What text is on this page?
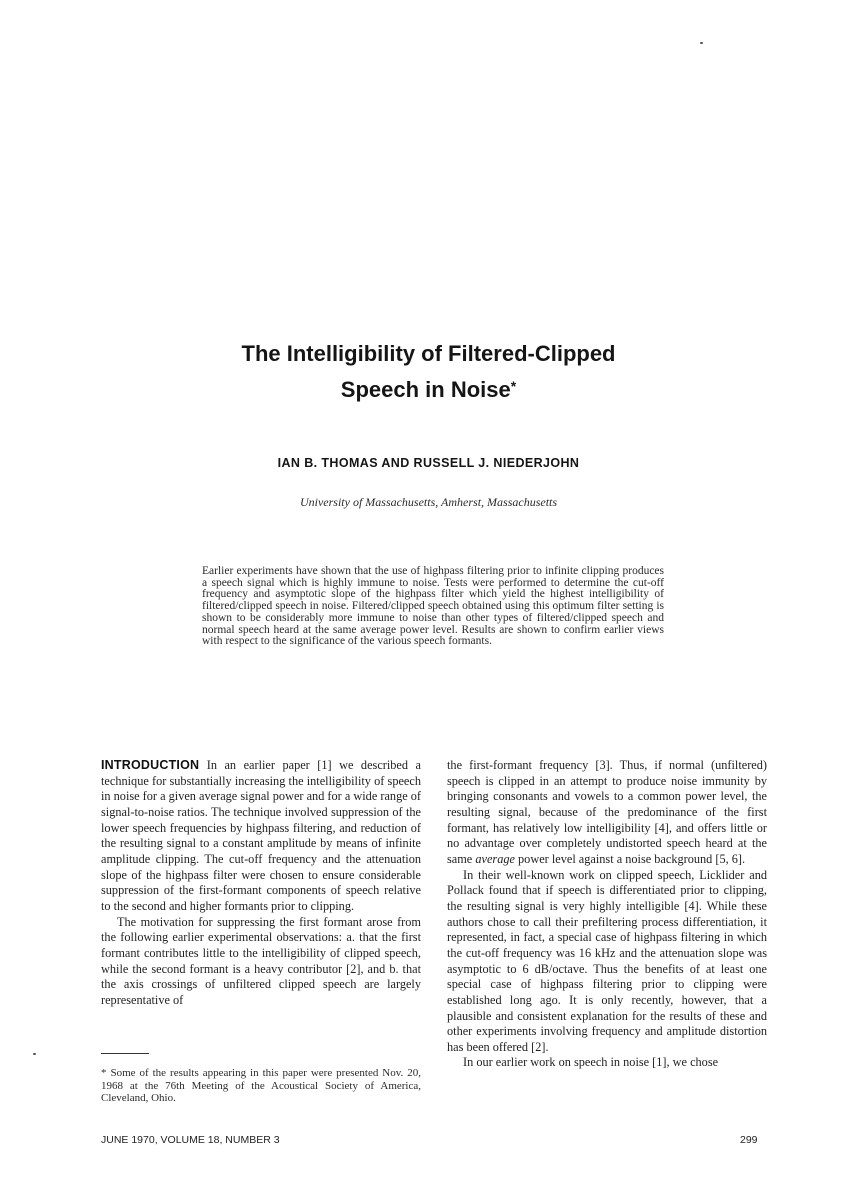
The Intelligibility of Filtered-Clipped
Speech in Noise*
IAN B. THOMAS AND RUSSELL J. NIEDERJOHN
University of Massachusetts, Amherst, Massachusetts
Earlier experiments have shown that the use of highpass filtering prior to infinite clipping produces a speech signal which is highly immune to noise. Tests were performed to determine the cut-off frequency and asymptotic slope of the highpass filter which yield the highest intelligibility of filtered/clipped speech in noise. Filtered/clipped speech obtained using this optimum filter setting is shown to be considerably more immune to noise than other types of filtered/clipped speech and normal speech heard at the same average power level. Results are shown to confirm earlier views with respect to the significance of the various speech formants.

INTRODUCTION In an earlier paper [1] we described a technique for substantially increasing the intelligibility of speech in noise for a given average signal power and for a wide range of signal-to-noise ratios. The technique involved suppression of the lower speech frequencies by highpass filtering, and reduction of the resulting signal to a constant amplitude by means of infinite amplitude clipping. The cut-off frequency and the attenuation slope of the highpass filter were chosen to ensure considerable suppression of the first-formant components of speech relative to the second and higher formants prior to clipping.

The motivation for suppressing the first formant arose from the following earlier experimental observations: a. that the first formant contributes little to the intelligibility of clipped speech, while the second formant is a heavy contributor [2], and b. that the axis crossings of unfiltered clipped speech are largely representative of

the first-formant frequency [3]. Thus, if normal (unfiltered) speech is clipped in an attempt to produce noise immunity by bringing consonants and vowels to a common power level, the resulting signal, because of the predominance of the first formant, has relatively low intelligibility [4], and offers little or no advantage over completely undistorted speech heard at the same average power level against a noise background [5, 6].

In their well-known work on clipped speech, Licklider and Pollack found that if speech is differentiated prior to clipping, the resulting signal is very highly intelligible [4]. While these authors chose to call their prefiltering process differentiation, it represented, in fact, a special case of highpass filtering in which the cut-off frequency was 16 kHz and the attenuation slope was asymptotic to 6 dB/octave. Thus the benefits of at least one special case of highpass filtering prior to clipping were established long ago. It is only recently, however, that a plausible and consistent explanation for the results of these and other experiments involving frequency and amplitude distortion has been offered [2].

In our earlier work on speech in noise [1], we chose

* Some of the results appearing in this paper were presented Nov. 20, 1968 at the 76th Meeting of the Acoustical Society of America, Cleveland, Ohio.
JUNE 1970, VOLUME 18, NUMBER 3	299
